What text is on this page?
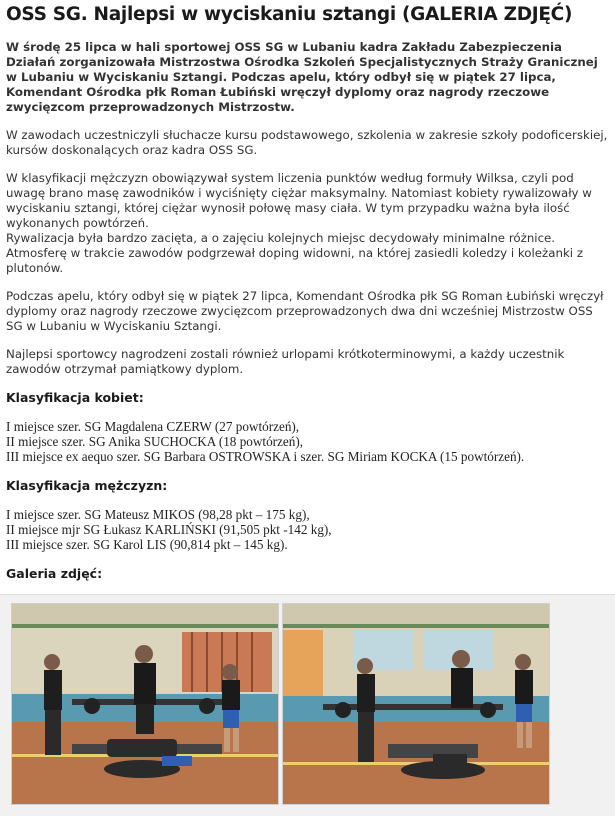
OSS SG. Najlepsi w wyciskaniu sztangi (GALERIA ZDJĘĆ)

W środę 25 lipca w hali sportowej OSS SG w Lubaniu kadra Zakładu Zabezpieczenia Działań zorganizowała Mistrzostwa Ośrodka Szkoleń Specjalistycznych Straży Granicznej w Lubaniu w Wyciskaniu Sztangi. Podczas apelu, który odbył się w piątek 27 lipca, Komendant Ośrodka płk Roman Łubiński wręczył dyplomy oraz nagrody rzeczowe zwycięzcom przeprowadzonych Mistrzostw.

W zawodach uczestniczyli słuchacze kursu podstawowego, szkolenia w zakresie szkoły podoficerskiej, kursów doskonalących oraz kadra OSS SG.

W klasyfikacji mężczyzn obowiązywał system liczenia punktów według formuły Wilksa, czyli pod uwagę brano masę zawodników i wyciśnięty ciężar maksymalny. Natomiast kobiety rywalizowały w wyciskaniu sztangi, której ciężar wynosił połowę masy ciała. W tym przypadku ważna była ilość wykonanych powtórzeń.
Rywalizacja była bardzo zacięta, a o zajęciu kolejnych miejsc decydowały minimalne różnice. Atmosferę w trakcie zawodów podgrzewał doping widowni, na której zasiedli koledzy i koleżanki z plutonów.

Podczas apelu, który odbył się w piątek 27 lipca, Komendant Ośrodka płk SG Roman Łubiński wręczył dyplomy oraz nagrody rzeczowe zwycięzcom przeprowadzonych dwa dni wcześniej Mistrzostw OSS SG w Lubaniu w Wyciskaniu Sztangi.

Najlepsi sportowcy nagrodzeni zostali również urlopami krótkoterminowymi, a każdy uczestnik zawodów otrzymał pamiątkowy dyplom.

Klasyfikacja kobiet:
I miejsce szer. SG Magdalena CZERW (27 powtórzeń),
II miejsce szer. SG Anika SUCHOCKA (18 powtórzeń),
III miejsce ex aequo szer. SG Barbara OSTROWSKA i szer. SG Miriam KOCKA (15 powtórzeń).
Klasyfikacja mężczyzn:
I miejsce szer. SG Mateusz MIKOS (98,28 pkt – 175 kg),
II miejsce mjr SG Łukasz KARLIŃSKI (91,505 pkt -142 kg),
III miejsce szer. SG Karol LIS (90,814 pkt – 145 kg).
Galeria zdjęć:
